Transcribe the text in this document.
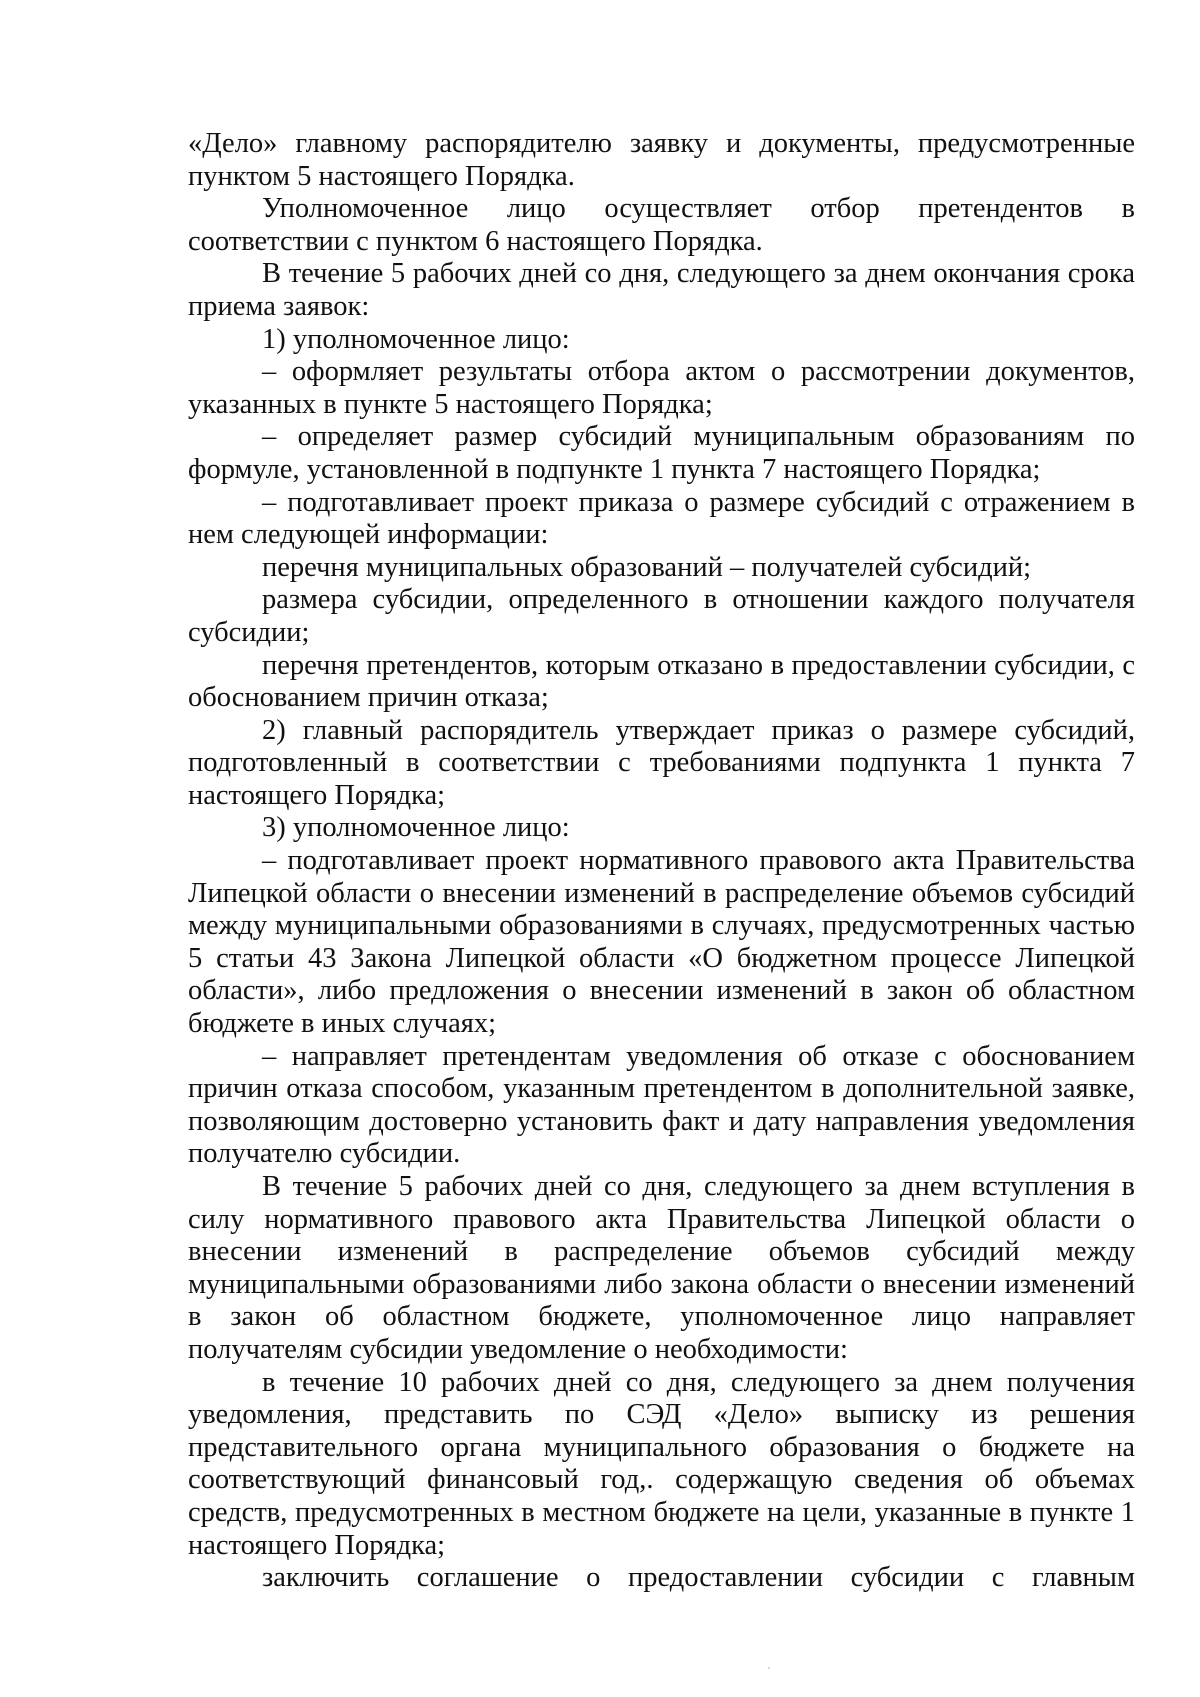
«Дело» главному распорядителю заявку и документы, предусмотренные пунктом 5 настоящего Порядка.

Уполномоченное лицо осуществляет отбор претендентов в соответствии с пунктом 6 настоящего Порядка.

В течение 5 рабочих дней со дня, следующего за днем окончания срока приема заявок:

1) уполномоченное лицо:

– оформляет результаты отбора актом о рассмотрении документов, указанных в пункте 5 настоящего Порядка;

– определяет размер субсидий муниципальным образованиям по формуле, установленной в подпункте 1 пункта 7 настоящего Порядка;

– подготавливает проект приказа о размере субсидий с отражением в нем следующей информации:

перечня муниципальных образований – получателей субсидий;

размера субсидии, определенного в отношении каждого получателя субсидии;

перечня претендентов, которым отказано в предоставлении субсидии, с обоснованием причин отказа;

2) главный распорядитель утверждает приказ о размере субсидий, подготовленный в соответствии с требованиями подпункта 1 пункта 7 настоящего Порядка;

3) уполномоченное лицо:

– подготавливает проект нормативного правового акта Правительства Липецкой области о внесении изменений в распределение объемов субсидий между муниципальными образованиями в случаях, предусмотренных частью 5 статьи 43 Закона Липецкой области «О бюджетном процессе Липецкой области», либо предложения о внесении изменений в закон об областном бюджете в иных случаях;

– направляет претендентам уведомления об отказе с обоснованием причин отказа способом, указанным претендентом в дополнительной заявке, позволяющим достоверно установить факт и дату направления уведомления получателю субсидии.

В течение 5 рабочих дней со дня, следующего за днем вступления в силу нормативного правового акта Правительства Липецкой области о внесении изменений в распределение объемов субсидий между муниципальными образованиями либо закона области о внесении изменений в закон об областном бюджете, уполномоченное лицо направляет получателям субсидии уведомление о необходимости:

в течение 10 рабочих дней со дня, следующего за днем получения уведомления, представить по СЭД «Дело» выписку из решения представительного органа муниципального образования о бюджете на соответствующий финансовый год,. содержащую сведения об объемах средств, предусмотренных в местном бюджете на цели, указанные в пункте 1 настоящего Порядка;

заключить соглашение о предоставлении субсидии с главным
